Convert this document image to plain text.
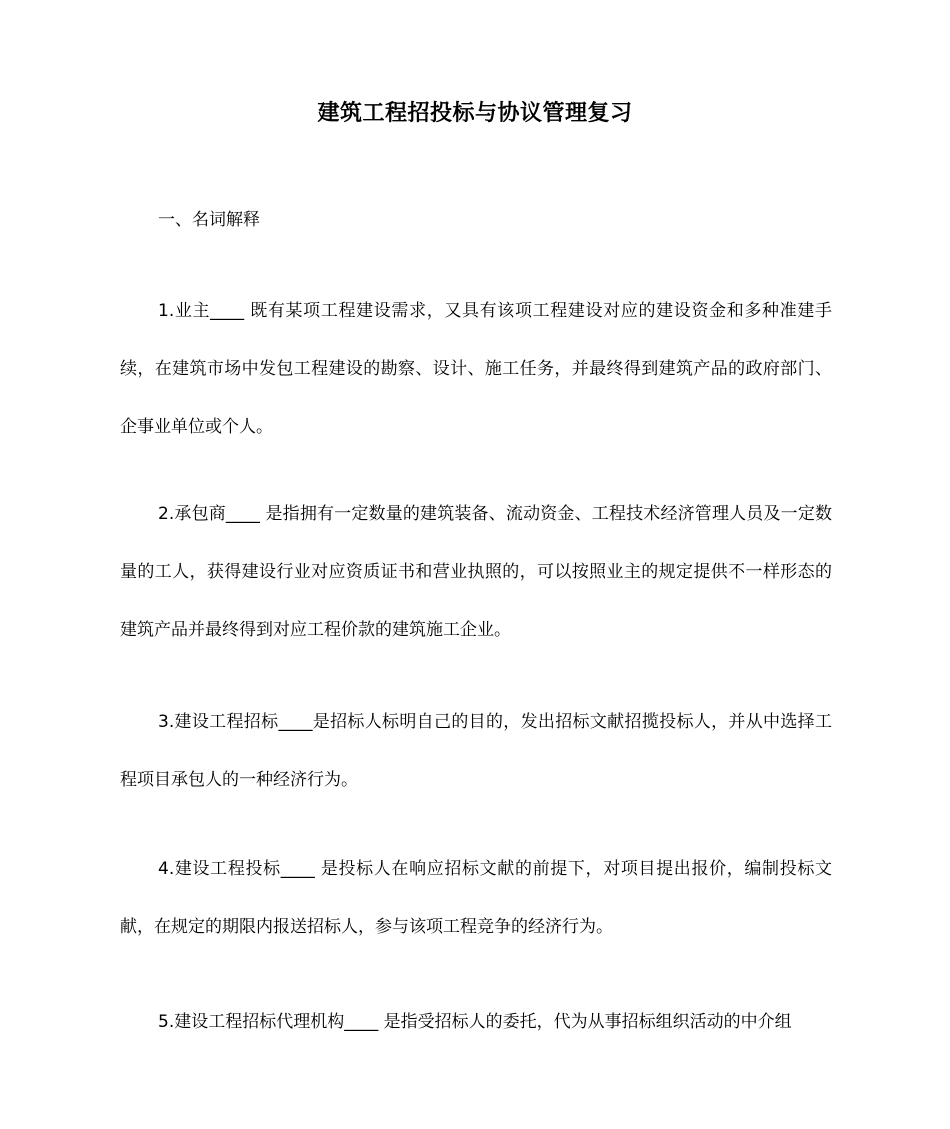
建筑工程招投标与协议管理复习
一、名词解释

1.业主____ 既有某项工程建设需求，又具有该项工程建设对应的建设资金和多种准建手续，在建筑市场中发包工程建设的勘察、设计、施工任务，并最终得到建筑产品的政府部门、企事业单位或个人。

2.承包商____ 是指拥有一定数量的建筑装备、流动资金、工程技术经济管理人员及一定数量的工人，获得建设行业对应资质证书和营业执照的，可以按照业主的规定提供不一样形态的建筑产品并最终得到对应工程价款的建筑施工企业。

3.建设工程招标____是招标人标明自己的目的，发出招标文献招揽投标人，并从中选择工程项目承包人的一种经济行为。

4.建设工程投标____ 是投标人在响应招标文献的前提下，对项目提出报价，编制投标文献，在规定的期限内报送招标人，参与该项工程竞争的经济行为。

5.建设工程招标代理机构____ 是指受招标人的委托，代为从事招标组织活动的中介组
